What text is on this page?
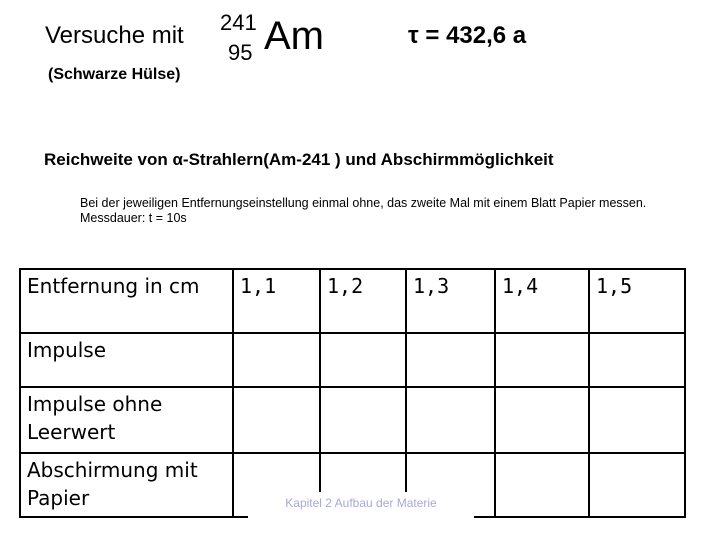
Versuche mit 241
95 Am	τ = 432,6 a
(Schwarze Hülse)
Reichweite von α-Strahlern(Am-241 ) und Abschirmmöglichkeit

Bei der jeweiligen Entfernungseinstellung einmal ohne, das zweite Mal mit einem Blatt Papier messen.

Messdauer: t = 10s

Entfernung in cm	1,1	1,2	1,3	1,4	1,5
Impulse					
Impulse ohne Leerwert					
Abschirmung mit Papier						Kapitel 2 Aufbau der Materie
